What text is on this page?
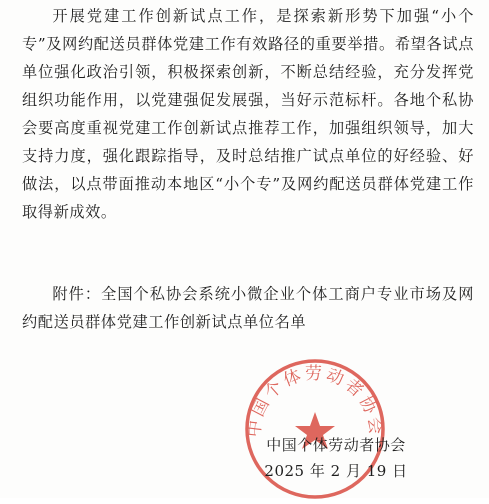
开展党建工作创新试点工作，是探索新形势下加强“小个专”及网约配送员群体党建工作有效路径的重要举措。希望各试点单位强化政治引领，积极探索创新，不断总结经验，充分发挥党组织功能作用，以党建强促发展强，当好示范标杆。各地个私协会要高度重视党建工作创新试点推荐工作，加强组织领导，加大支持力度，强化跟踪指导，及时总结推广试点单位的好经验、好做法，以点带面推动本地区“小个专”及网约配送员群体党建工作取得新成效。

附件：全国个私协会系统小微企业个体工商户专业市场及网约配送员群体党建工作创新试点单位名单

中国个体劳动者协会
中国个体劳动者协会
2025 年 2 月 19 日
